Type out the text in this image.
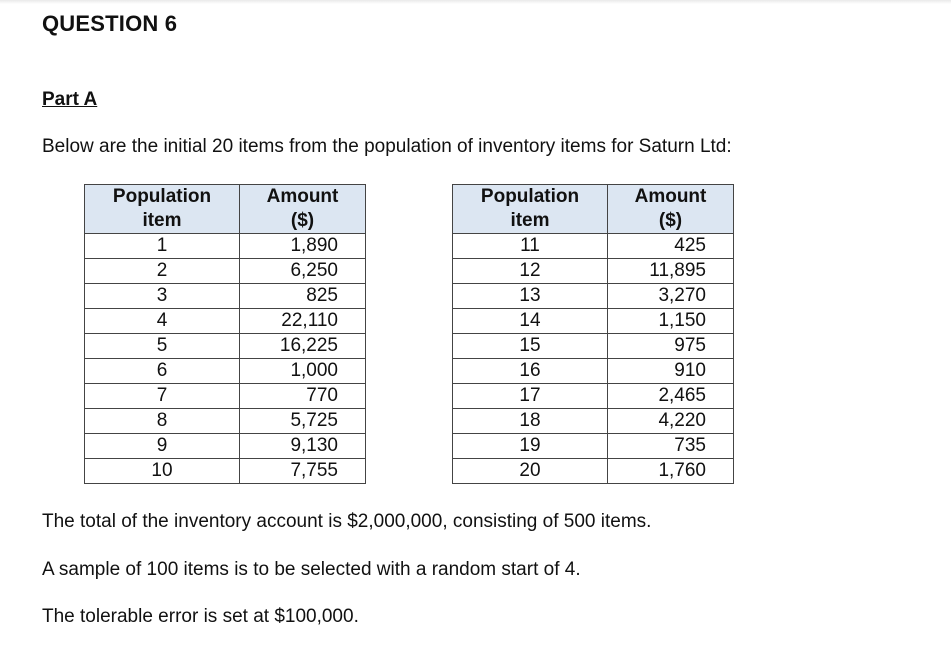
QUESTION 6
Part A

Below are the initial 20 items from the population of inventory items for Saturn Ltd:

Population
item	Amount
($)
1	1,890
2	6,250
3	825
4	22,110
5	16,225
6	1,000
7	770
8	5,725
9	9,130
10	7,755
Population
item	Amount
($)
11	425
12	11,895
13	3,270
14	1,150
15	975
16	910
17	2,465
18	4,220
19	735
20	1,760

The total of the inventory account is $2,000,000, consisting of 500 items.

A sample of 100 items is to be selected with a random start of 4.

The tolerable error is set at $100,000.
